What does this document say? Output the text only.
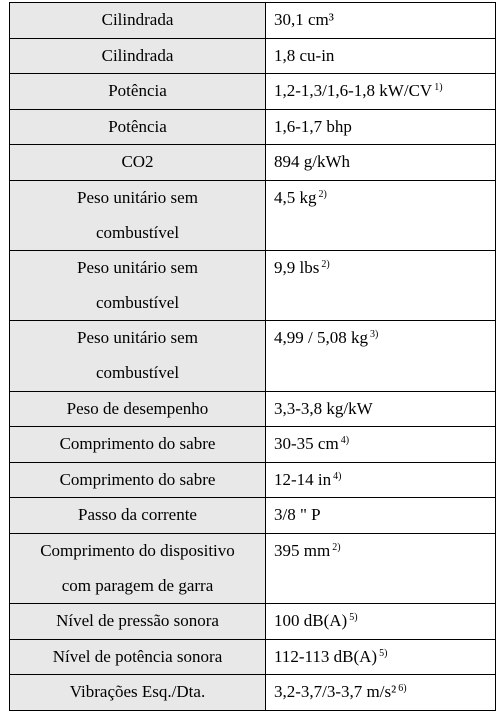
Cilindrada	30,1 cm³

Cilindrada	1,8 cu-in

Potência	1,2-1,3/1,6-1,8 kW/CV $^{1)}$

Potência	1,6-1,7 bhp

CO2	894 g/kWh

Peso unitário sem
combustível	4,5 kg $^{2)}$

Peso unitário sem
combustível	9,9 lbs $^{2)}$

Peso unitário sem
combustível	4,99 / 5,08 kg $^{3)}$

Peso de desempenho	3,3-3,8 kg/kW

Comprimento do sabre	30-35 cm $^{4)}$

Comprimento do sabre	12-14 in $^{4)}$

Passo da corrente	3/8 " P

Comprimento do dispositivo
com paragem de garra	395 mm $^{2)}$

Nível de pressão sonora	100 dB(A) $^{5)}$

Nível de potência sonora	112-113 dB(A) $^{5)}$

Vibrações Esq./Dta.	3,2-3,7/3-3,7 m/s² $^{6)}$
